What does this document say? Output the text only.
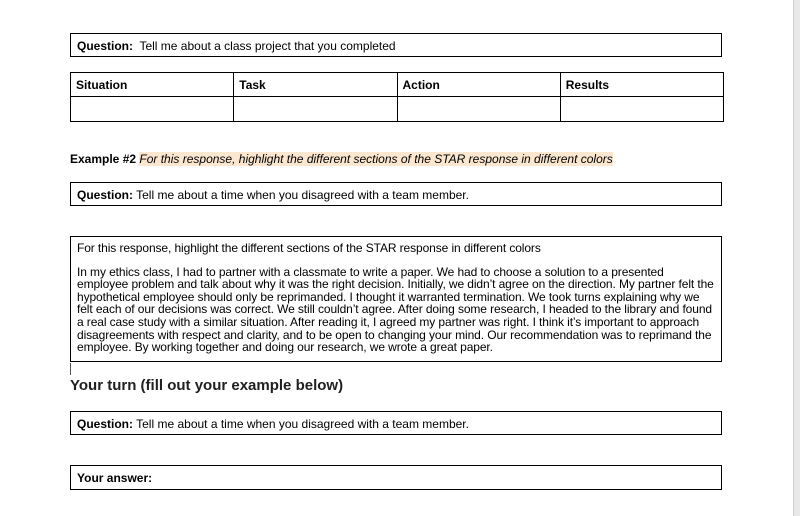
Question: Tell me about a class project that you completed
Situation	Task	Action	Results

Example #2 For this response, highlight the different sections of the STAR response in different colors
Question: Tell me about a time when you disagreed with a team member.

For this response, highlight the different sections of the STAR response in different colors

In my ethics class, I had to partner with a classmate to write a paper. We had to choose a solution to a presented employee problem and talk about why it was the right decision. Initially, we didn’t agree on the direction. My partner felt the hypothetical employee should only be reprimanded. I thought it warranted termination. We took turns explaining why we felt each of our decisions was correct. We still couldn’t agree. After doing some research, I headed to the library and found a real case study with a similar situation. After reading it, I agreed my partner was right. I think it’s important to approach disagreements with respect and clarity, and to be open to changing your mind. Our recommendation was to reprimand the employee. By working together and doing our research, we wrote a great paper.

Your turn (fill out your example below)
Question: Tell me about a time when you disagreed with a team member.
Your answer:
